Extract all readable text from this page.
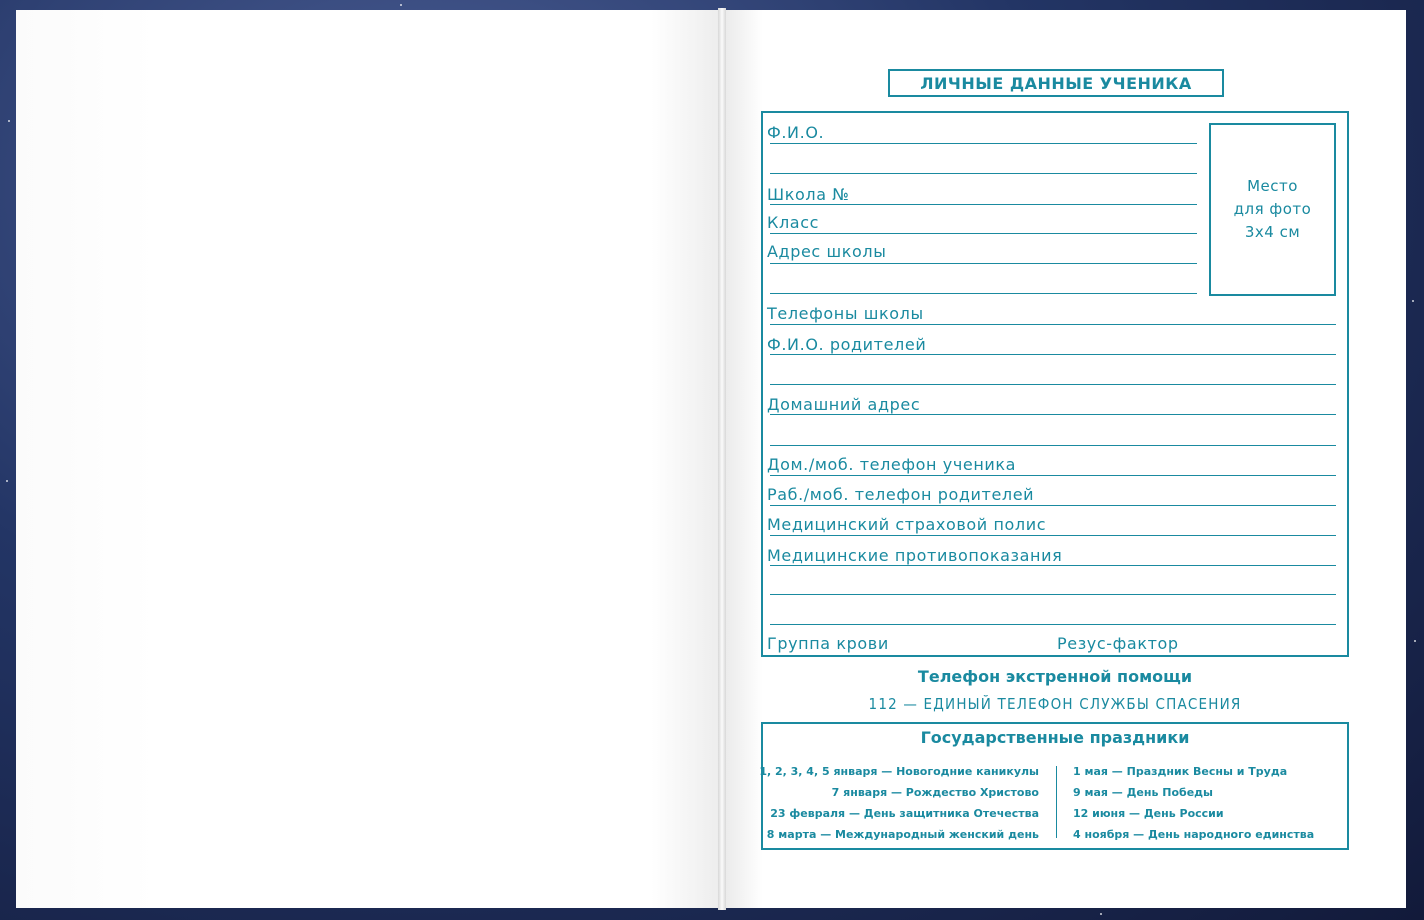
ЛИЧНЫЕ ДАННЫЕ УЧЕНИКА
Место
для фото
3x4 см
Ф.И.О.
Школа №
Класс
Адрес школы
Телефоны школы
Ф.И.О. родителей
Домашний адрес
Дом./моб. телефон ученика
Раб./моб. телефон родителей
Медицинский страховой полис
Медицинские противопоказания
Группа крови	Резус-фактор
Телефон экстренной помощи
112 — ЕДИНЫЙ ТЕЛЕФОН СЛУЖБЫ СПАСЕНИЯ
Государственные праздники
1, 2, 3, 4, 5 января — Новогодние каникулы
7 января — Рождество Христово
23 февраля — День защитника Отечества
8 марта — Международный женский день
1 мая — Праздник Весны и Труда
9 мая — День Победы
12 июня — День России
4 ноября — День народного единства
